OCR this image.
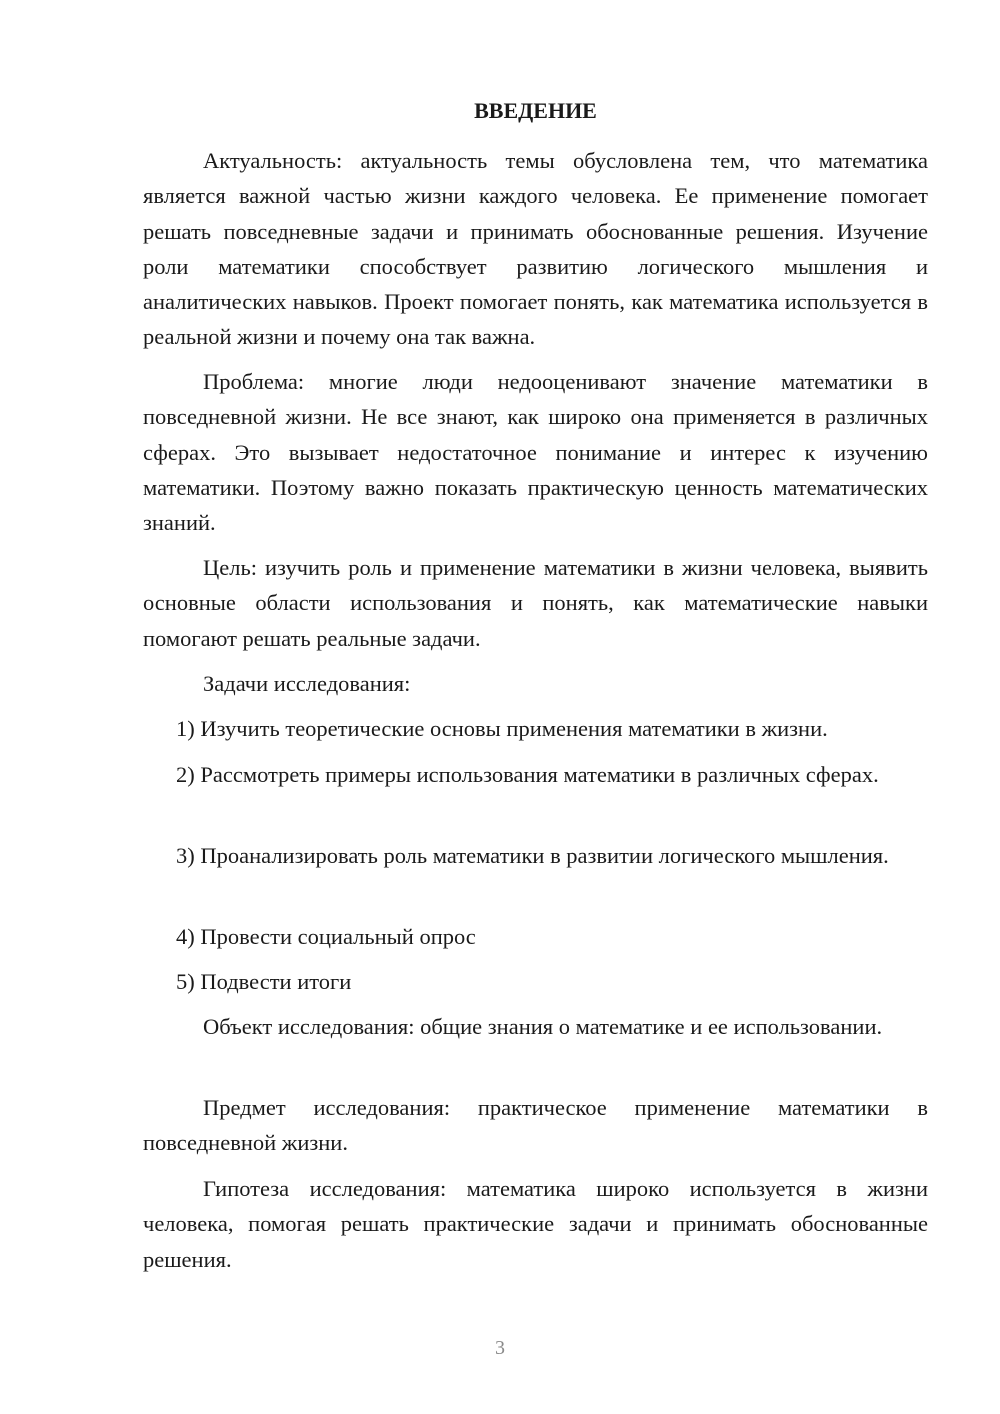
ВВЕДЕНИЕ

Актуальность: актуальность темы обусловлена тем, что математика является важной частью жизни каждого человека. Ее применение помогает решать повседневные задачи и принимать обоснованные решения. Изучение роли математики способствует развитию логического мышления и аналитических навыков. Проект помогает понять, как математика используется в реальной жизни и почему она так важна.

Проблема: многие люди недооценивают значение математики в повседневной жизни. Не все знают, как широко она применяется в различных сферах. Это вызывает недостаточное понимание и интерес к изучению математики. Поэтому важно показать практическую ценность математических знаний.

Цель: изучить роль и применение математики в жизни человека, выявить основные области использования и понять, как математические навыки помогают решать реальные задачи.

Задачи исследования:

1) Изучить теоретические основы применения математики в жизни.

2) Рассмотреть примеры использования математики в различных сферах.

3) Проанализировать роль математики в развитии логического мышления.

4) Провести социальный опрос

5) Подвести итоги

Объект исследования: общие знания о математике и ее использовании.

Предмет исследования: практическое применение математики в повседневной жизни.

Гипотеза исследования: математика широко используется в жизни человека, помогая решать практические задачи и принимать обоснованные решения.

3
